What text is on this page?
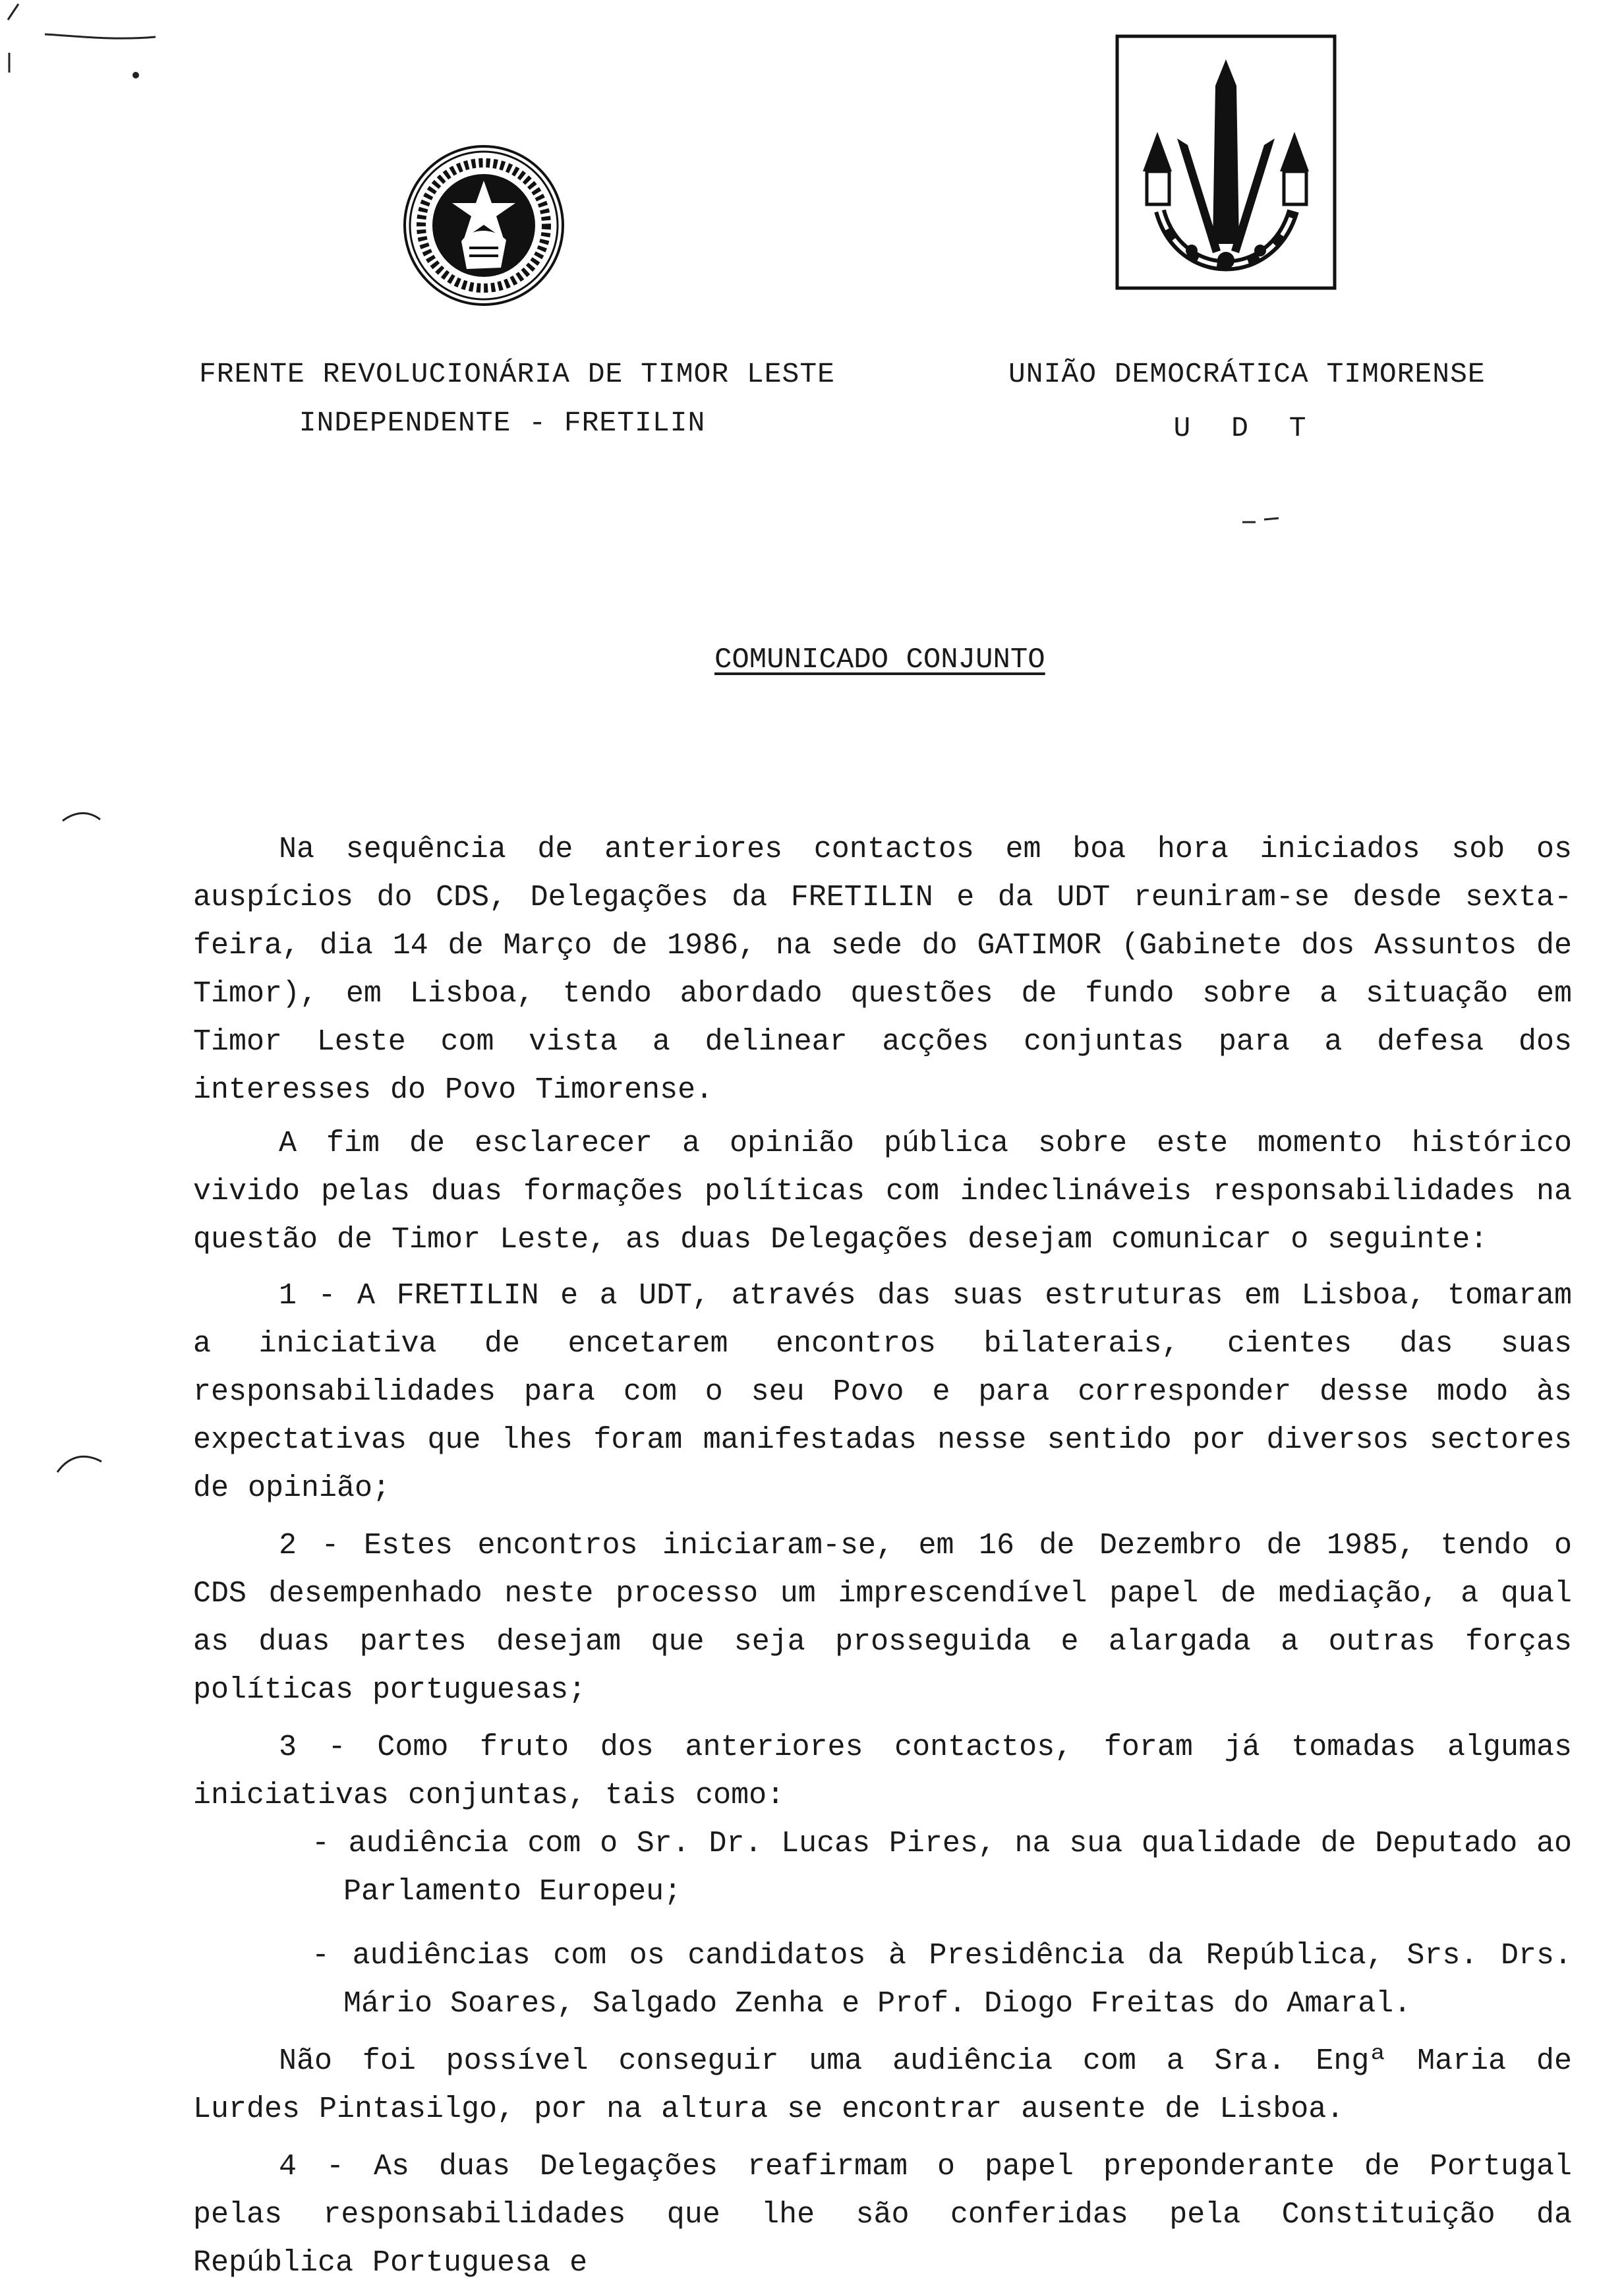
FRENTE REVOLUCIONÁRIA DE TIMOR LESTE
INDEPENDENTE - FRETILIN
UNIÃO DEMOCRÁTICA TIMORENSE
U D T
COMUNICADO CONJUNTO

Na sequência de anteriores contactos em boa hora iniciados sob os auspícios do CDS, Delegações da FRETILIN e da UDT reuniram-se desde sexta-feira, dia 14 de Março de 1986, na sede do GATIMOR (Gabinete dos Assuntos de Timor), em Lisboa, tendo abordado questões de fundo sobre a situação em Timor Leste com vista a delinear acções conjuntas para a defesa dos interesses do Povo Timorense.

A fim de esclarecer a opinião pública sobre este momento histórico vivido pelas duas formações políticas com indeclináveis responsabilidades na questão de Timor Leste, as duas Delegações desejam comunicar o seguinte:

1 - A FRETILIN e a UDT, através das suas estruturas em Lisboa, tomaram a iniciativa de encetarem encontros bilaterais, cientes das suas responsabilidades para com o seu Povo e para corresponder desse modo às expectativas que lhes foram manifestadas nesse sentido por diversos sectores de opinião;

2 - Estes encontros iniciaram-se, em 16 de Dezembro de 1985, tendo o CDS desempenhado neste processo um imprescendível papel de mediação, a qual as duas partes desejam que seja prosseguida e alargada a outras forças políticas portuguesas;

3 - Como fruto dos anteriores contactos, foram já tomadas algumas iniciativas conjuntas, tais como:

- audiência com o Sr. Dr. Lucas Pires, na sua qualidade de Deputado ao Parlamento Europeu;

- audiências com os candidatos à Presidência da República, Srs. Drs. Mário Soares, Salgado Zenha e Prof. Diogo Freitas do Amaral.

Não foi possível conseguir uma audiência com a Sra. Engª Maria de Lurdes Pintasilgo, por na altura se encontrar ausente de Lisboa.

4 - As duas Delegações reafirmam o papel preponderante de Portugal pelas responsabilidades que lhe são conferidas pela Constituição da República Portuguesa e
